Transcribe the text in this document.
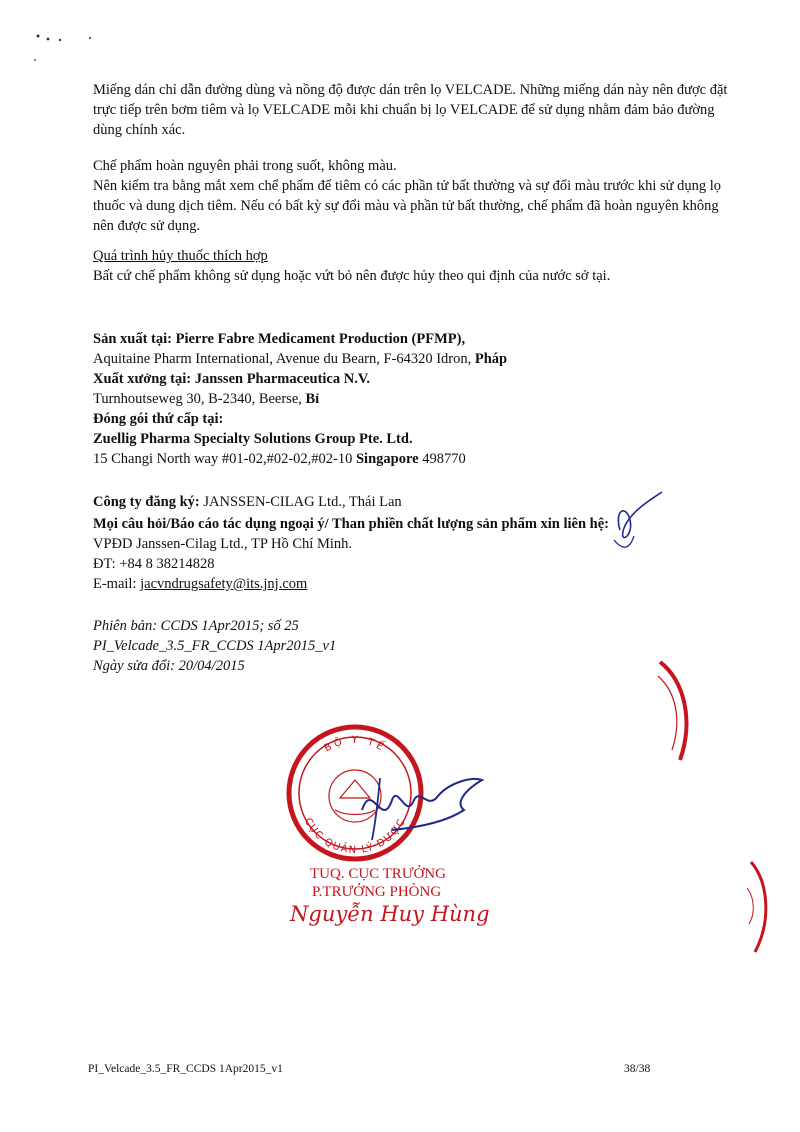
Miếng dán chỉ dẫn đường dùng và nồng độ được dán trên lọ VELCADE. Những miếng dán này nên được đặt trực tiếp trên bơm tiêm và lọ VELCADE mỗi khi chuẩn bị lọ VELCADE để sử dụng nhằm đảm bảo đường dùng chính xác.
Chế phẩm hoàn nguyên phải trong suốt, không màu.
Nên kiểm tra bằng mắt xem chế phẩm để tiêm có các phần tử bất thường và sự đổi màu trước khi sử dụng lọ thuốc và dung dịch tiêm. Nếu có bất kỳ sự đổi màu và phần tử bất thường, chế phẩm đã hoàn nguyên không nên được sử dụng.
Quá trình hủy thuốc thích hợp
Bất cứ chế phẩm không sử dụng hoặc vứt bỏ nên được hủy theo qui định của nước sở tại.
Sản xuất tại: Pierre Fabre Medicament Production (PFMP),
Aquitaine Pharm International, Avenue du Bearn, F-64320 Idron, Pháp
Xuất xưởng tại: Janssen Pharmaceutica N.V.
Turnhoutseweg 30, B-2340, Beerse, Bỉ
Đóng gói thứ cấp tại:
Zuellig Pharma Specialty Solutions Group Pte. Ltd.
15 Changi North way #01-02,#02-02,#02-10 Singapore 498770
Công ty đăng ký: JANSSEN-CILAG Ltd., Thái Lan
Mọi câu hỏi/Báo cáo tác dụng ngoại ý/ Than phiền chất lượng sản phẩm xin liên hệ:
VPĐD Janssen-Cilag Ltd., TP Hồ Chí Minh.
ĐT: +84 8 38214828
E-mail: jacvndrugsafety@its.jnj.com
Phiên bản: CCDS 1Apr2015; số 25
PI_Velcade_3.5_FR_CCDS 1Apr2015_v1
Ngày sửa đổi: 20/04/2015
BỘ Y TẾ
CỤC QUẢN LÝ DƯỢC
TUQ. CỤC TRƯỞNG
P.TRƯỞNG PHÒNG
Nguyễn Huy Hùng
PI_Velcade_3.5_FR_CCDS 1Apr2015_v1	38/38
